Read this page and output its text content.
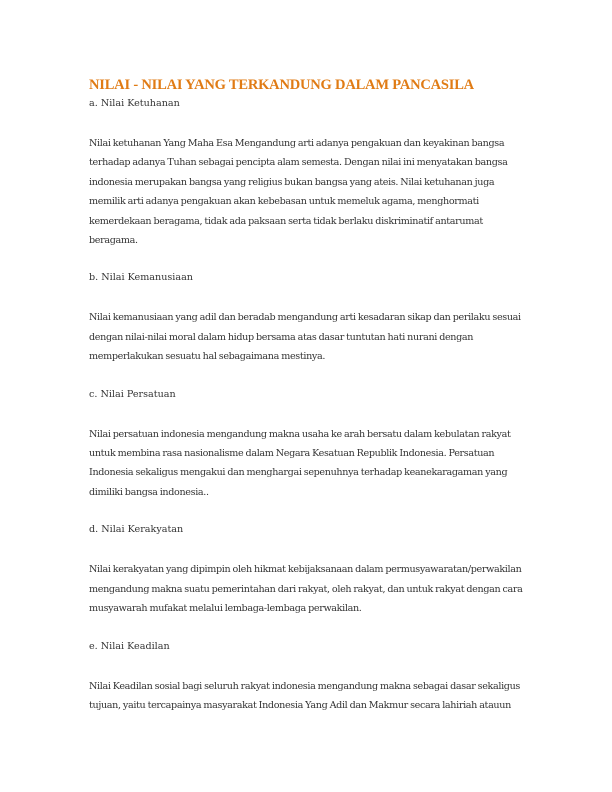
NILAI - NILAI YANG TERKANDUNG DALAM PANCASILA

a. Nilai Ketuhanan

Nilai ketuhanan Yang Maha Esa Mengandung arti adanya pengakuan dan keyakinan bangsa

terhadap adanya Tuhan sebagai pencipta alam semesta. Dengan nilai ini menyatakan bangsa

indonesia merupakan bangsa yang religius bukan bangsa yang ateis. Nilai ketuhanan juga

memilik arti adanya pengakuan akan kebebasan untuk memeluk agama, menghormati

kemerdekaan beragama, tidak ada paksaan serta tidak berlaku diskriminatif antarumat

beragama.

b. Nilai Kemanusiaan

Nilai kemanusiaan yang adil dan beradab mengandung arti kesadaran sikap dan perilaku sesuai

dengan nilai-nilai moral dalam hidup bersama atas dasar tuntutan hati nurani dengan

memperlakukan sesuatu hal sebagaimana mestinya.

c. Nilai Persatuan

Nilai persatuan indonesia mengandung makna usaha ke arah bersatu dalam kebulatan rakyat

untuk membina rasa nasionalisme dalam Negara Kesatuan Republik Indonesia. Persatuan

Indonesia sekaligus mengakui dan menghargai sepenuhnya terhadap keanekaragaman yang

dimiliki bangsa indonesia..

d. Nilai Kerakyatan

Nilai kerakyatan yang dipimpin oleh hikmat kebijaksanaan dalam permusyawaratan/perwakilan

mengandung makna suatu pemerintahan dari rakyat, oleh rakyat, dan untuk rakyat dengan cara

musyawarah mufakat melalui lembaga-lembaga perwakilan.

e. Nilai Keadilan

Nilai Keadilan sosial bagi seluruh rakyat indonesia mengandung makna sebagai dasar sekaligus

tujuan, yaitu tercapainya masyarakat Indonesia Yang Adil dan Makmur secara lahiriah atauun
